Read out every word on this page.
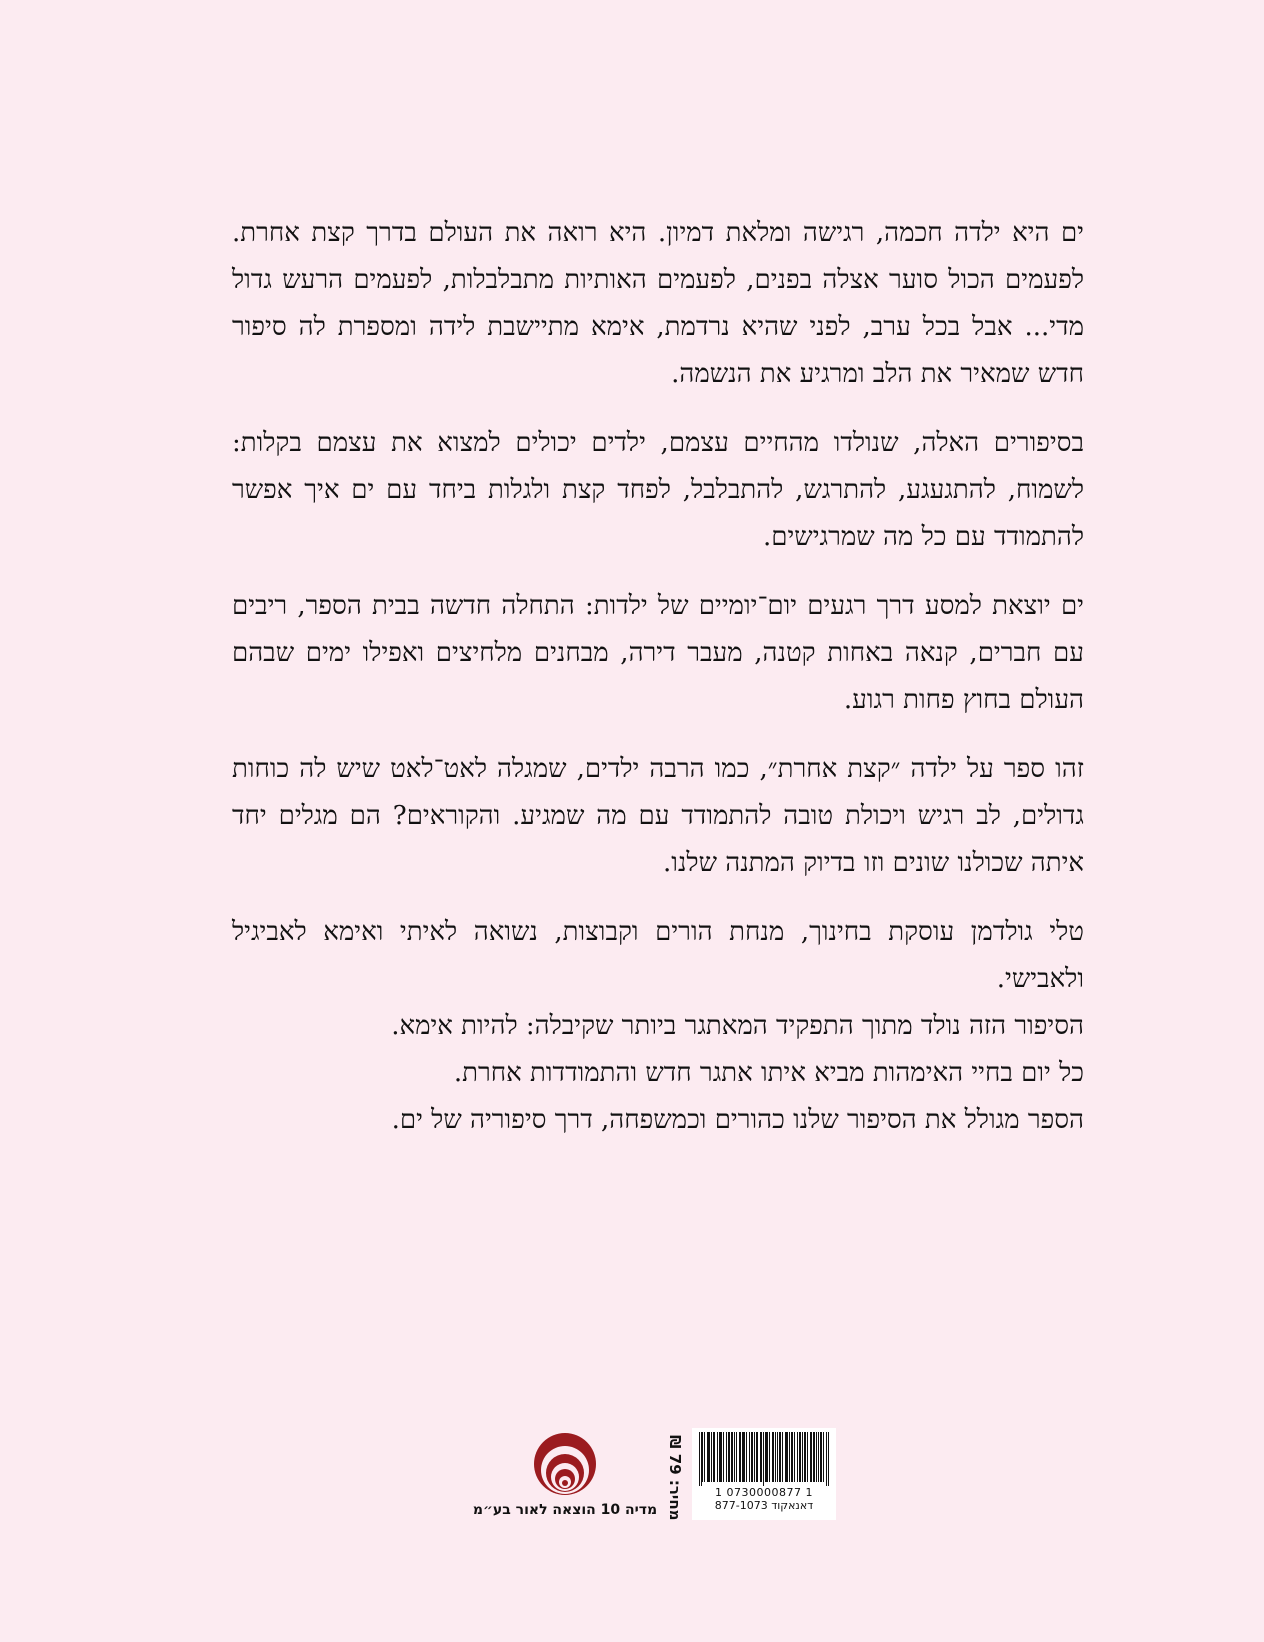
ים היא ילדה חכמה, רגישה ומלאת דמיון. היא רואה את העולם בדרך קצת אחרת. לפעמים הכול סוער אצלה בפנים, לפעמים האותיות מתבלבלות, לפעמים הרעש גדול מדי... אבל בכל ערב, לפני שהיא נרדמת, אימא מתיישבת לידה ומספרת לה סיפור חדש שמאיר את הלב ומרגיע את הנשמה.

בסיפורים האלה, שנולדו מהחיים עצמם, ילדים יכולים למצוא את עצמם בקלות: לשמוח, להתגעגע, להתרגש, להתבלבל, לפחד קצת ולגלות ביחד עם ים איך אפשר להתמודד עם כל מה שמרגישים.

ים יוצאת למסע דרך רגעים יום־יומיים של ילדות: התחלה חדשה בבית הספר, ריבים עם חברים, קנאה באחות קטנה, מעבר דירה, מבחנים מלחיצים ואפילו ימים שבהם העולם בחוץ פחות רגוע.

זהו ספר על ילדה ״קצת אחרת״, כמו הרבה ילדים, שמגלה לאט־לאט שיש לה כוחות גדולים, לב רגיש ויכולת טובה להתמודד עם מה שמגיע. והקוראים? הם מגלים יחד איתה שכולנו שונים וזו בדיוק המתנה שלנו.

טלי גולדמן עוסקת בחינוך, מנחת הורים וקבוצות, נשואה לאיתי ואימא לאביגיל ולאבישי.
הסיפור הזה נולד מתוך התפקיד המאתגר ביותר שקיבלה: להיות אימא.
כל יום בחיי האימהות מביא איתו אתגר חדש והתמודדות אחרת.
הספר מגולל את הסיפור שלנו כהורים וכמשפחה, דרך סיפוריה של ים.
מדיה 10 הוצאה לאור בע״מ
מחיר: 79 ₪	1 0730000877 1
דאנאקוד 877-1073
